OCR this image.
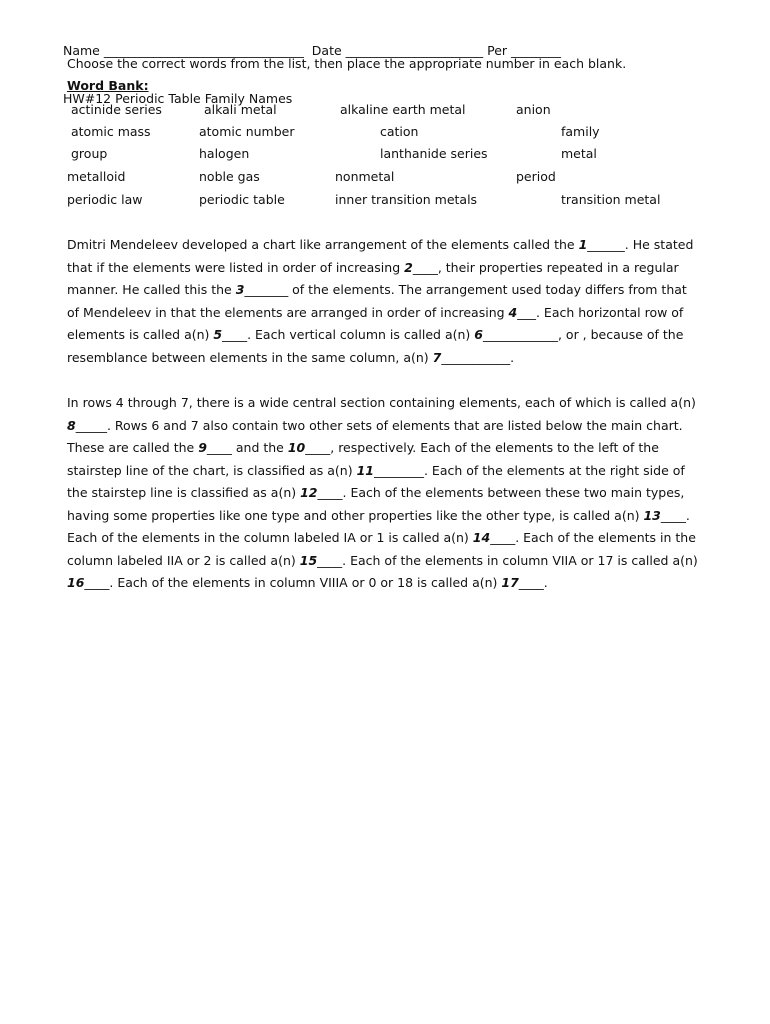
Name ________________________________  Date ______________________ Per ________

HW#12 Periodic Table Family Names

Choose the correct words from the list, then place the appropriate number in each blank.
Word Bank:
actinide series	alkali metal	alkaline earth metal	anion
atomic mass	atomic number	cation	family
group	halogen	lanthanide series	metal
metalloid	noble gas	nonmetal	period
periodic law	periodic table	inner transition metals	transition metal
Dmitri Mendeleev developed a chart like arrangement of the elements called the 1______. He stated
that if the elements were listed in order of increasing 2____, their properties repeated in a regular
manner. He called this the 3_______ of the elements. The arrangement used today differs from that
of Mendeleev in that the elements are arranged in order of increasing 4___. Each horizontal row of
elements is called a(n) 5____. Each vertical column is called a(n) 6____________, or , because of the
resemblance between elements in the same column, a(n) 7___________.
In rows 4 through 7, there is a wide central section containing elements, each of which is called a(n)
8_____. Rows 6 and 7 also contain two other sets of elements that are listed below the main chart.
These are called the 9____ and the 10____, respectively. Each of the elements to the left of the
stairstep line of the chart, is classified as a(n) 11________. Each of the elements at the right side of
the stairstep line is classified as a(n) 12____. Each of the elements between these two main types,
having some properties like one type and other properties like the other type, is called a(n) 13____.
Each of the elements in the column labeled IA or 1 is called a(n) 14____. Each of the elements in the
column labeled IIA or 2 is called a(n) 15____. Each of the elements in column VIIA or 17 is called a(n)
16____. Each of the elements in column VIIIA or 0 or 18 is called a(n) 17____.
